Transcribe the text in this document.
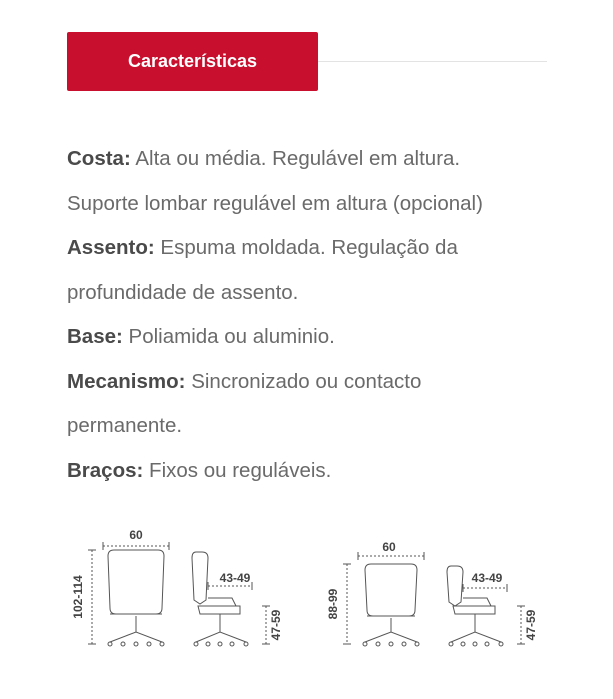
Características

Costa: Alta ou média. Regulável em altura.

Suporte lombar regulável em altura (opcional)

Assento: Espuma moldada. Regulação da

profundidade de assento.

Base: Poliamida ou aluminio.

Mecanismo: Sincronizado ou contacto

permanente.

Braços: Fixos ou reguláveis.

60
102-114	43-49
47-59
60
88-99
43-49
47-59
